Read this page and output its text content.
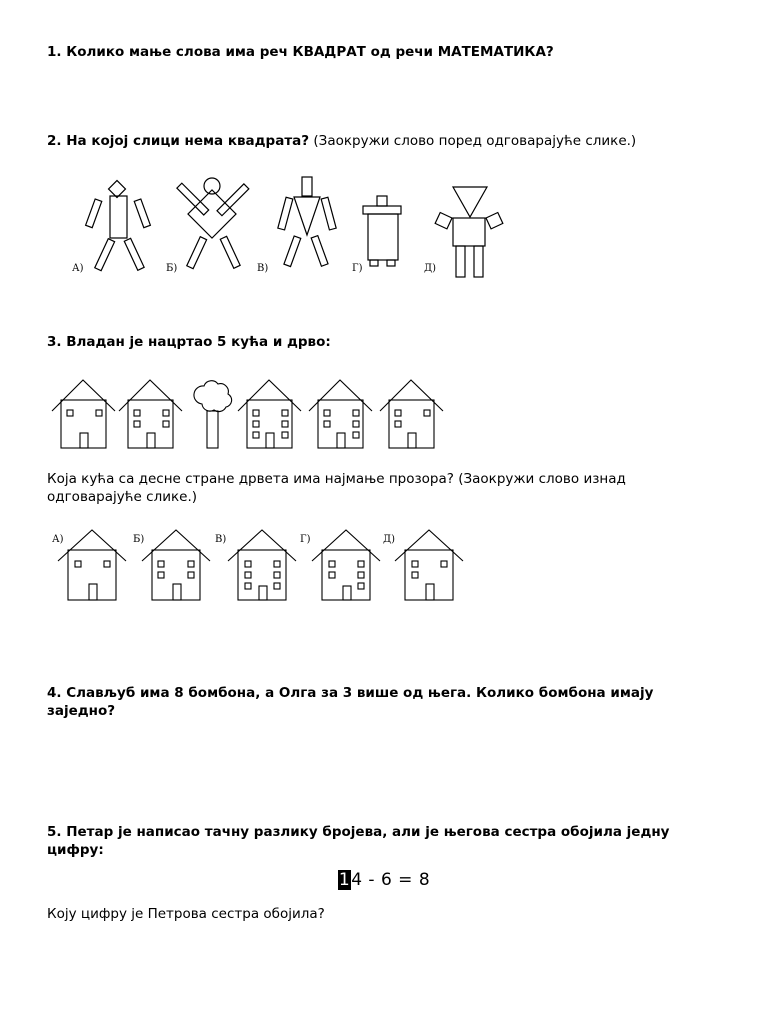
1. Колико мање слова има реч КВАДРАТ од речи МАТЕМАТИКА?
2. На којој слици нема квадрата? (Заокружи слово поред одговарајуће слике.)
А)	Б)	В)	Г)	Д)
3. Владан је нацртао 5 кућа и дрво:
Која кућа са десне стране дрвета има најмање прозора? (Заокружи слово изнад одговарајуће слике.)
А)	Б)	В)	Г)	Д)
4. Слављуб има 8 бомбона, а Олга за 3 више од њега. Колико бомбона имају заједно?
5. Петар је написао тачну разлику бројева, али је његова сестра обојила једну цифру:
14 - 6 = 8
Коју цифру је Петрова сестра обојила?
